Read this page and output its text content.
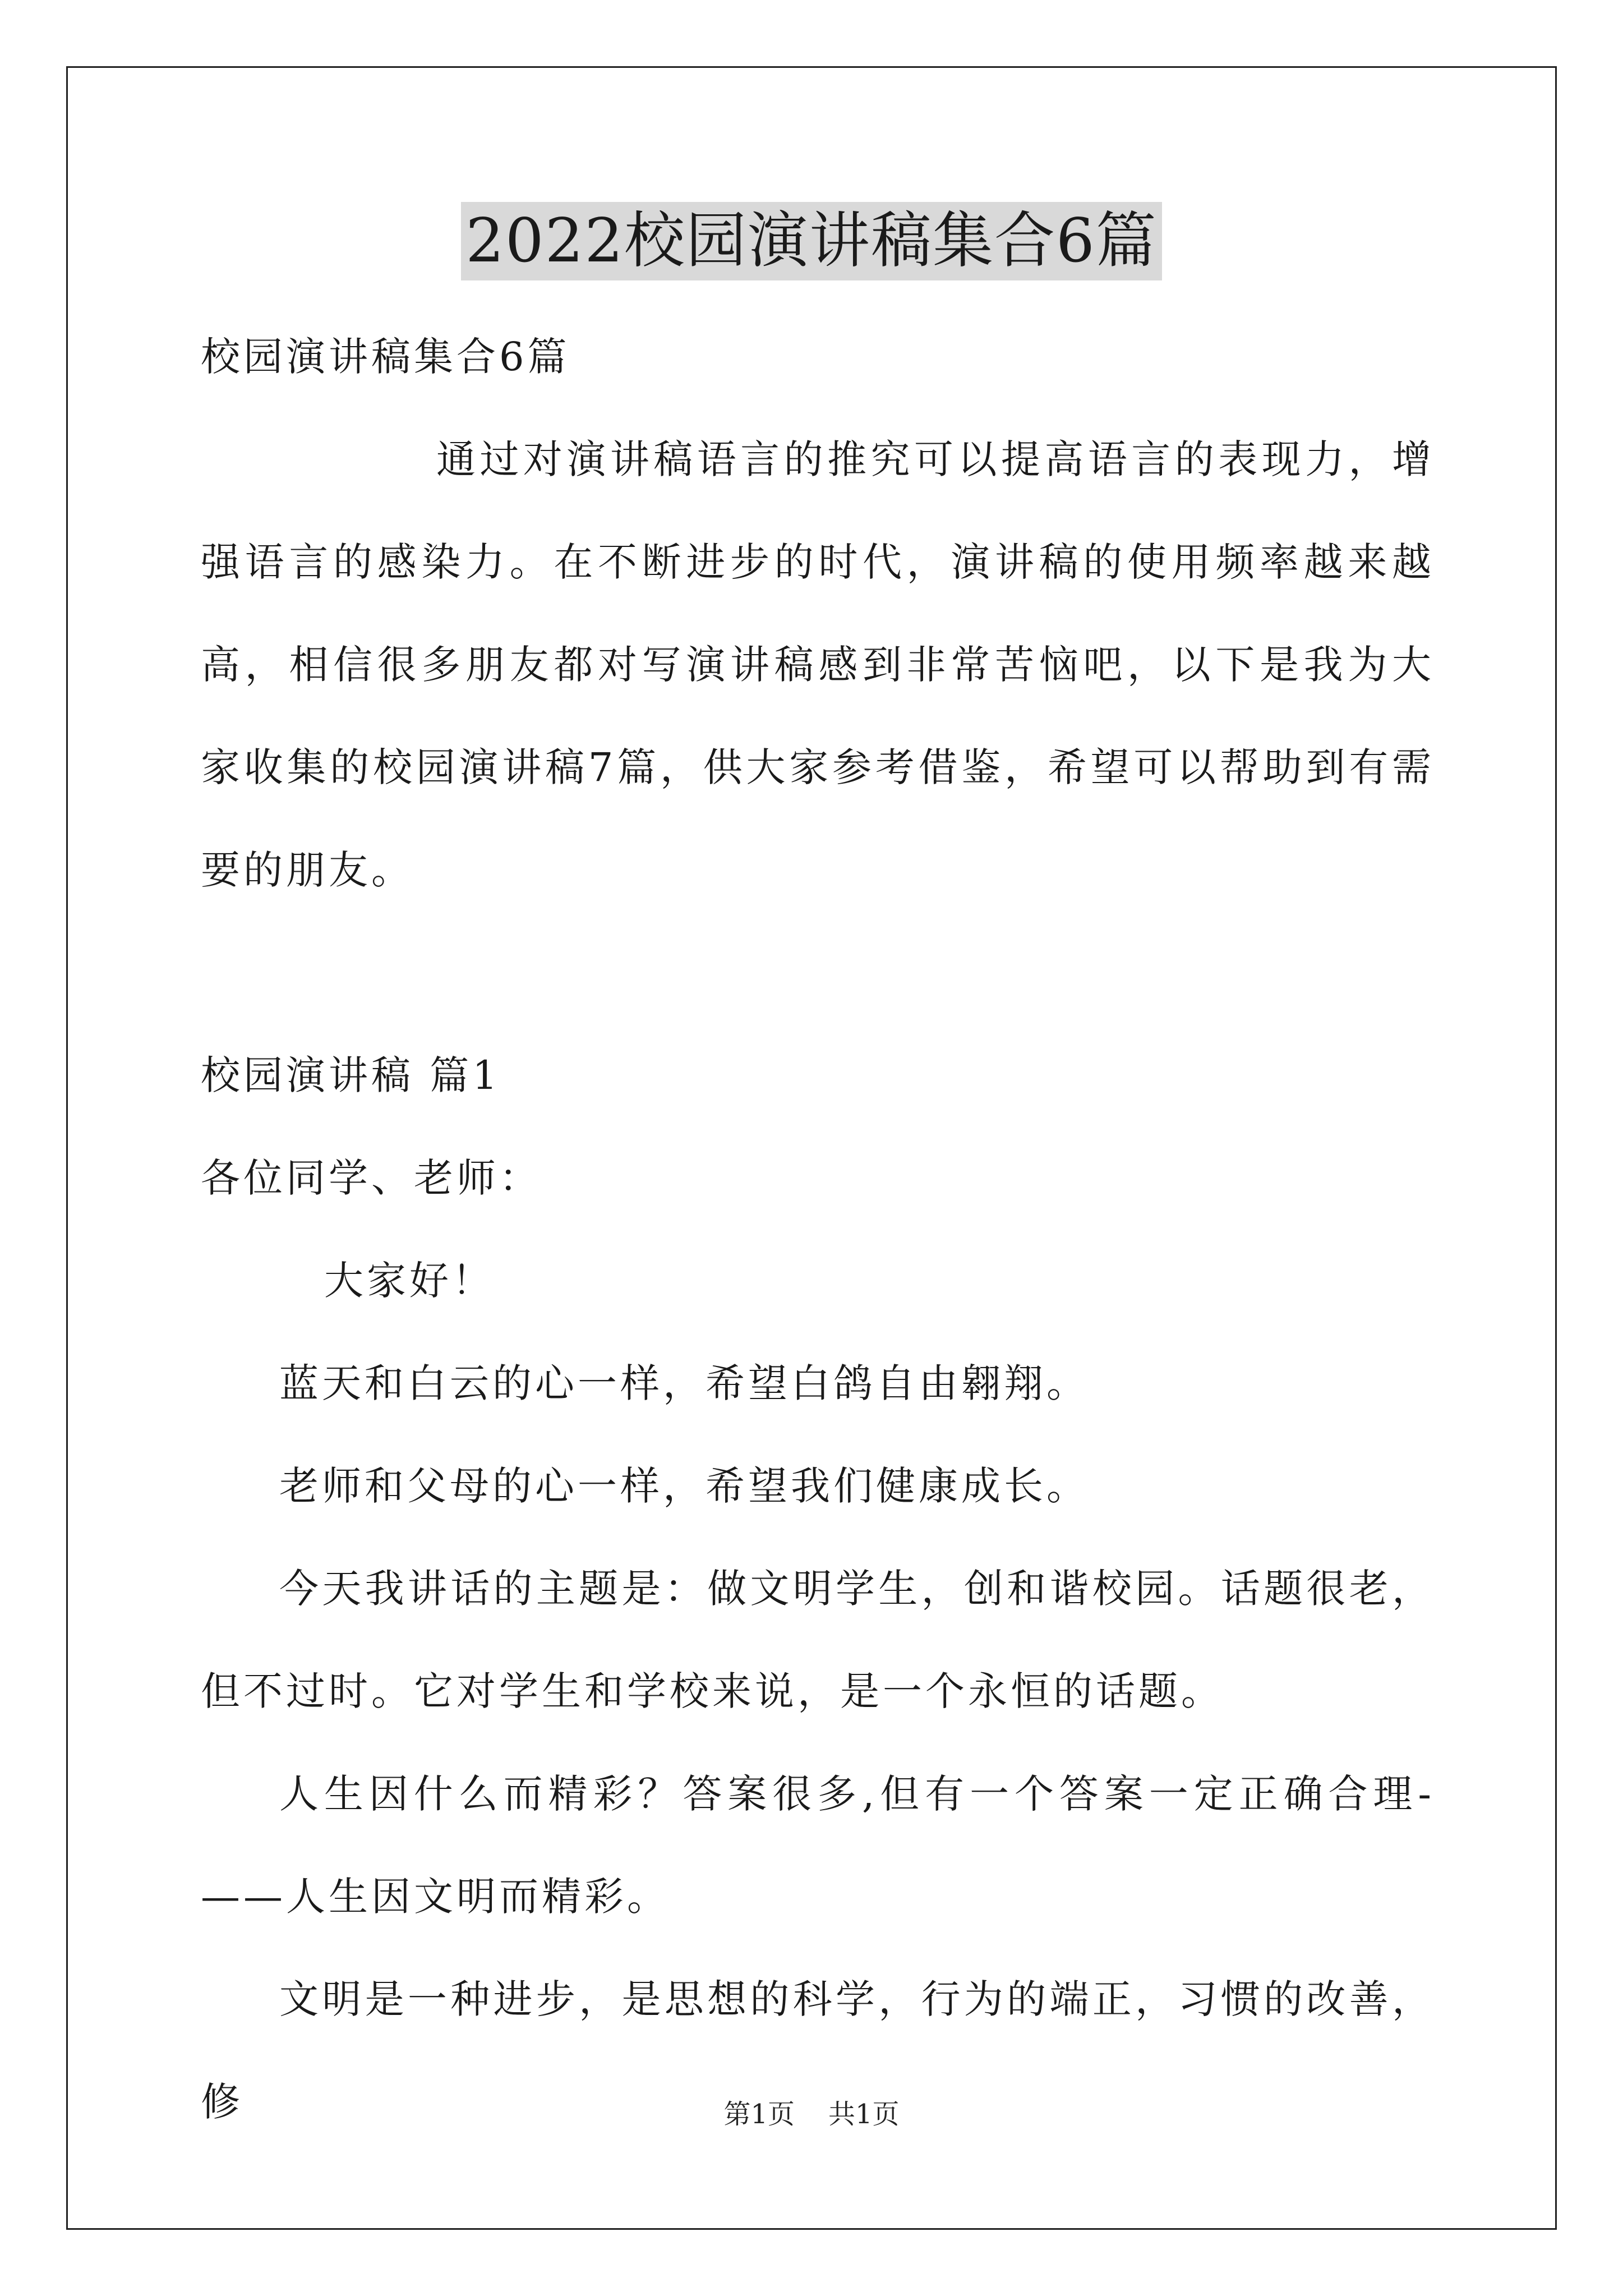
2022校园演讲稿集合6篇

校园演讲稿集合6篇

通过对演讲稿语言的推究可以提高语言的表现力，增强语言的感染力。在不断进步的时代，演讲稿的使用频率越来越高，相信很多朋友都对写演讲稿感到非常苦恼吧，以下是我为大家收集的校园演讲稿7篇，供大家参考借鉴，希望可以帮助到有需要的朋友。

校园演讲稿 篇1

各位同学、老师：

大家好！

蓝天和白云的心一样，希望白鸽自由翱翔。

老师和父母的心一样，希望我们健康成长。

今天我讲话的主题是：做文明学生，创和谐校园。话题很老，但不过时。它对学生和学校来说，是一个永恒的话题。

人生因什么而精彩？答案很多,但有一个答案一定正确合理-——人生因文明而精彩。

文明是一种进步，是思想的科学，行为的端正，习惯的改善，修	第1页 共1页
